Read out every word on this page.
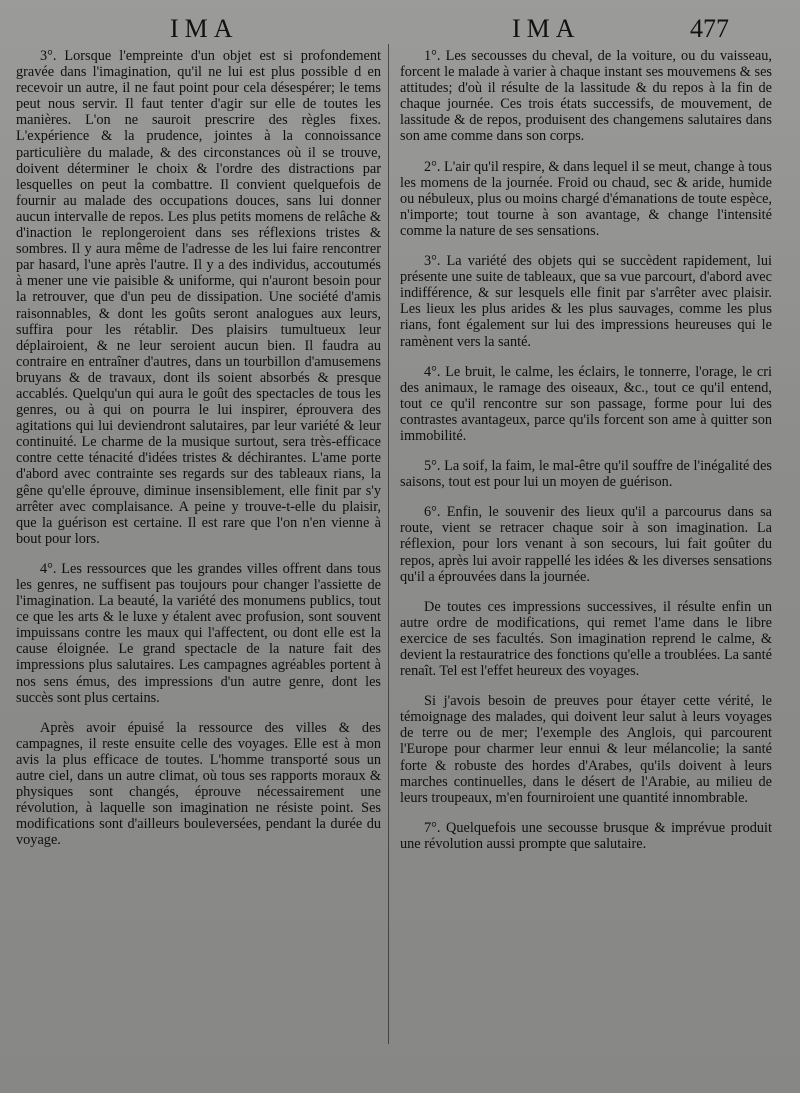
IMA	IMA	477

3°. Lorsque l'empreinte d'un objet est si profondement gravée dans l'imagination, qu'il ne lui est plus possible d en recevoir un autre, il ne faut point pour cela désespérer; le tems peut nous servir. Il faut tenter d'agir sur elle de toutes les manières. L'on ne sauroit prescrire des règles fixes. L'expérience & la prudence, jointes à la connoissance particulière du malade, & des circonstances où il se trouve, doivent déterminer le choix & l'ordre des distractions par lesquelles on peut la combattre. Il convient quelquefois de fournir au malade des occupations douces, sans lui donner aucun intervalle de repos. Les plus petits momens de relâche & d'inaction le replongeroient dans ses réflexions tristes & sombres. Il y aura même de l'adresse de les lui faire rencontrer par hasard, l'une après l'autre. Il y a des individus, accoutumés à mener une vie paisible & uniforme, qui n'auront besoin pour la retrouver, que d'un peu de dissipation. Une société d'amis raisonnables, & dont les goûts seront analogues aux leurs, suffira pour les rétablir. Des plaisirs tumultueux leur déplairoient, & ne leur seroient aucun bien. Il faudra au contraire en entraîner d'autres, dans un tourbillon d'amusemens bruyans & de travaux, dont ils soient absorbés & presque accablés. Quelqu'un qui aura le goût des spectacles de tous les genres, ou à qui on pourra le lui inspirer, éprouvera des agitations qui lui deviendront salutaires, par leur variété & leur continuité. Le charme de la musique surtout, sera très-efficace contre cette ténacité d'idées tristes & déchirantes. L'ame porte d'abord avec contrainte ses regards sur des tableaux rians, la gêne qu'elle éprouve, diminue insensiblement, elle finit par s'y arrêter avec complaisance. A peine y trouve-t-elle du plaisir, que la guérison est certaine. Il est rare que l'on n'en vienne à bout pour lors.

4°. Les ressources que les grandes villes offrent dans tous les genres, ne suffisent pas toujours pour changer l'assiette de l'imagination. La beauté, la variété des monumens publics, tout ce que les arts & le luxe y étalent avec profusion, sont souvent impuissans contre les maux qui l'affectent, ou dont elle est la cause éloignée. Le grand spectacle de la nature fait des impressions plus salutaires. Les campagnes agréables portent à nos sens émus, des impressions d'un autre genre, dont les succès sont plus certains.

Après avoir épuisé la ressource des villes & des campagnes, il reste ensuite celle des voyages. Elle est à mon avis la plus efficace de toutes. L'homme transporté sous un autre ciel, dans un autre climat, où tous ses rapports moraux & physiques sont changés, éprouve nécessairement une révolution, à laquelle son imagination ne résiste point. Ses modifications sont d'ailleurs bouleversées, pendant la durée du voyage.

1°. Les secousses du cheval, de la voiture, ou du vaisseau, forcent le malade à varier à chaque instant ses mouvemens & ses attitudes; d'où il résulte de la lassitude & du repos à la fin de chaque journée. Ces trois états successifs, de mouvement, de lassitude & de repos, produisent des changemens salutaires dans son ame comme dans son corps.

2°. L'air qu'il respire, & dans lequel il se meut, change à tous les momens de la journée. Froid ou chaud, sec & aride, humide ou nébuleux, plus ou moins chargé d'émanations de toute espèce, n'importe; tout tourne à son avantage, & change l'intensité comme la nature de ses sensations.

3°. La variété des objets qui se succèdent rapidement, lui présente une suite de tableaux, que sa vue parcourt, d'abord avec indifférence, & sur lesquels elle finit par s'arrêter avec plaisir. Les lieux les plus arides & les plus sauvages, comme les plus rians, font également sur lui des impressions heureuses qui le ramènent vers la santé.

4°. Le bruit, le calme, les éclairs, le tonnerre, l'orage, le cri des animaux, le ramage des oiseaux, &c., tout ce qu'il entend, tout ce qu'il rencontre sur son passage, forme pour lui des contrastes avantageux, parce qu'ils forcent son ame à quitter son immobilité.

5°. La soif, la faim, le mal-être qu'il souffre de l'inégalité des saisons, tout est pour lui un moyen de guérison.

6°. Enfin, le souvenir des lieux qu'il a parcourus dans sa route, vient se retracer chaque soir à son imagination. La réflexion, pour lors venant à son secours, lui fait goûter du repos, après lui avoir rappellé les idées & les diverses sensations qu'il a éprouvées dans la journée.

De toutes ces impressions successives, il résulte enfin un autre ordre de modifications, qui remet l'ame dans le libre exercice de ses facultés. Son imagination reprend le calme, & devient la restauratrice des fonctions qu'elle a troublées. La santé renaît. Tel est l'effet heureux des voyages.

Si j'avois besoin de preuves pour étayer cette vérité, le témoignage des malades, qui doivent leur salut à leurs voyages de terre ou de mer; l'exemple des Anglois, qui parcourent l'Europe pour charmer leur ennui & leur mélancolie; la santé forte & robuste des hordes d'Arabes, qu'ils doivent à leurs marches continuelles, dans le désert de l'Arabie, au milieu de leurs troupeaux, m'en fourniroient une quantité innombrable.

7°. Quelquefois une secousse brusque & imprévue produit une révolution aussi prompte que salutaire.
